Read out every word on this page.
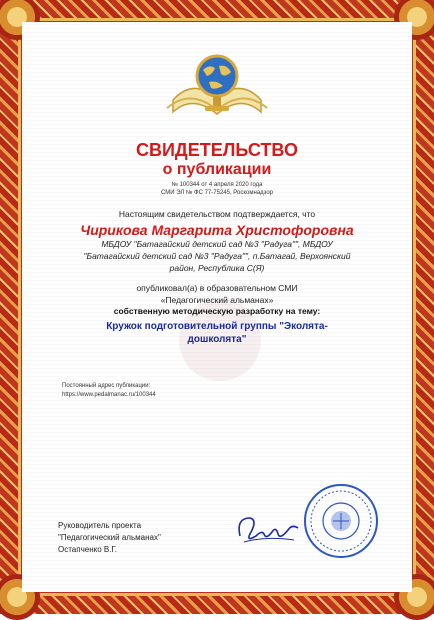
СВИДЕТЕЛЬСТВО
о публикации
№ 100344 от 4 апреля 2020 года
СМИ ЭЛ № ФС 77-75245, Роскомнадзор
Настоящим свидетельством подтверждается, что
Чирикова Маргарита Христофоровна
МБДОУ "Батагайский детский сад №3 "Радуга"", МБДОУ
"Батагайский детский сад №3 "Радуга"", п.Батагай, Верхоянский
район, Республика С(Я)
опубликовал(а) в образовательном СМИ
«Педагогический альманах»
собственную методическую разработку на тему:
Кружок подготовительной группы "Эколята-
дошколята"
Постоянный адрес публикации:
https://www.pedalmanac.ru/100344
Руководитель проекта
"Педагогический альманах"
Остапченко В.Г.
